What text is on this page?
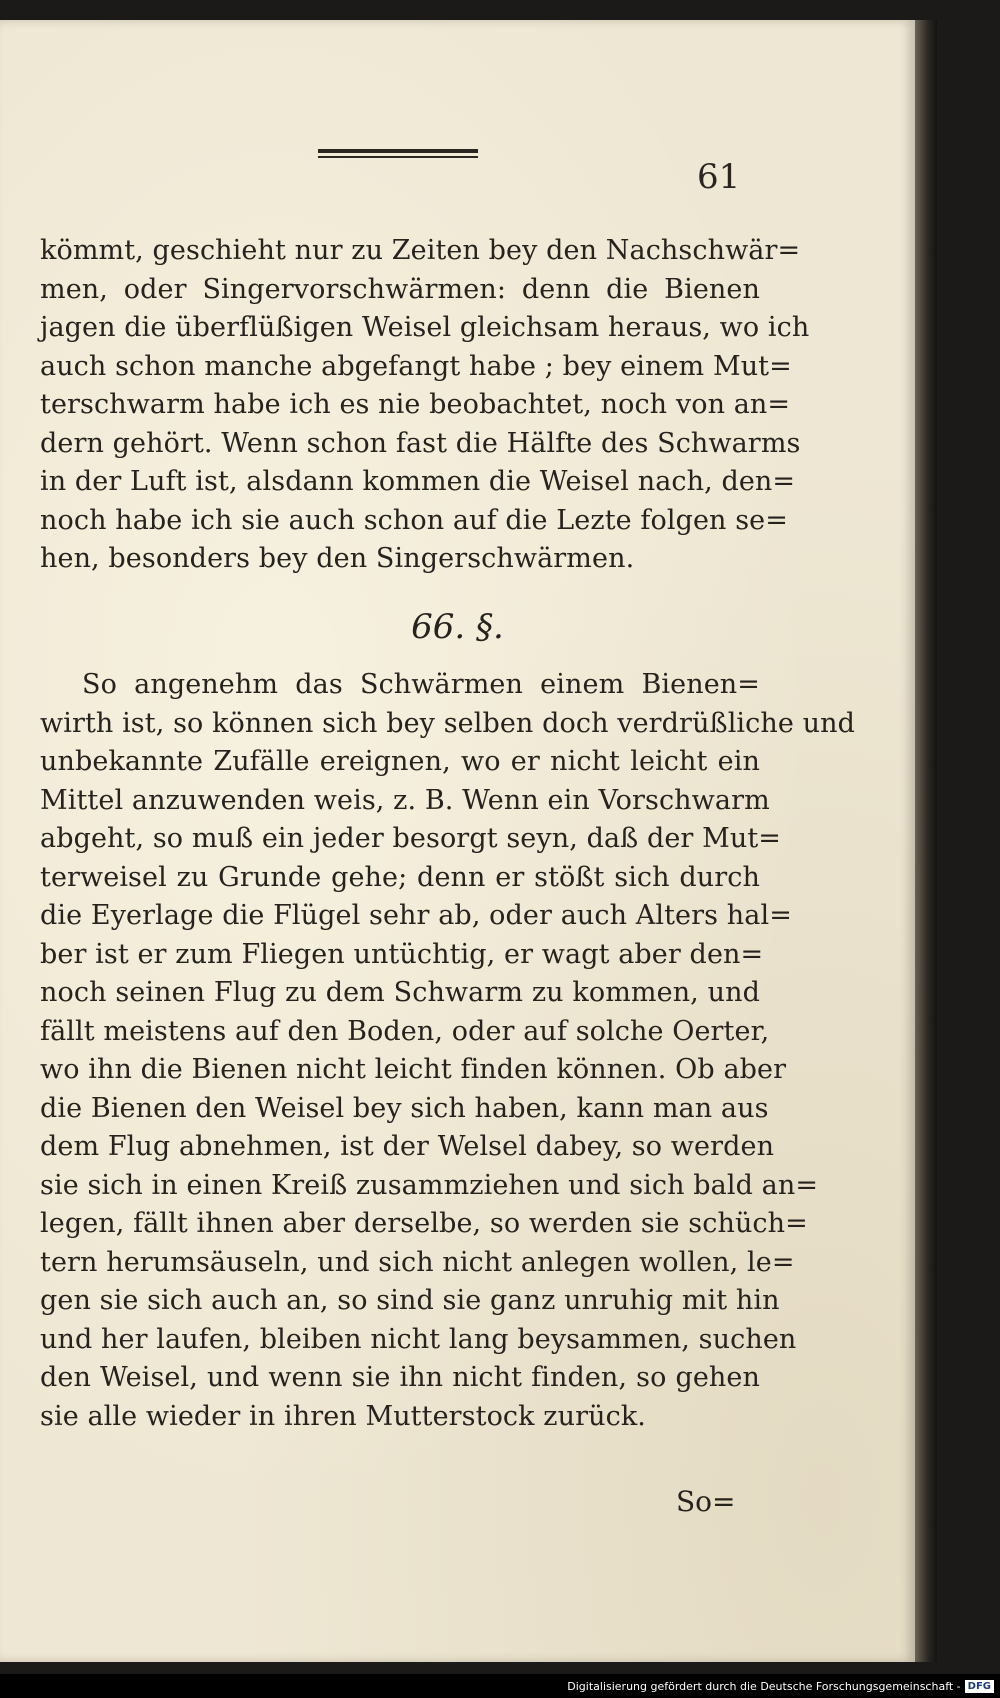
61
kömmt, geschieht nur zu Zeiten bey den Nachschwär=
men, oder Singervorschwärmen: denn die Bienen
jagen die überflüßigen Weisel gleichsam heraus, wo ich
auch schon manche abgefangt habe ; bey einem Mut=
terschwarm habe ich es nie beobachtet, noch von an=
dern gehört. Wenn schon fast die Hälfte des Schwarms
in der Luft ist, alsdann kommen die Weisel nach, den=
noch habe ich sie auch schon auf die Lezte folgen se=
hen, besonders bey den Singerschwärmen.
66. §.
So angenehm das Schwärmen einem Bienen=
wirth ist, so können sich bey selben doch verdrüßliche und
unbekannte Zufälle ereignen, wo er nicht leicht ein
Mittel anzuwenden weis, z. B. Wenn ein Vorschwarm
abgeht, so muß ein jeder besorgt seyn, daß der Mut=
terweisel zu Grunde gehe; denn er stößt sich durch
die Eyerlage die Flügel sehr ab, oder auch Alters hal=
ber ist er zum Fliegen untüchtig, er wagt aber den=
noch seinen Flug zu dem Schwarm zu kommen, und
fällt meistens auf den Boden, oder auf solche Oerter,
wo ihn die Bienen nicht leicht finden können. Ob aber
die Bienen den Weisel bey sich haben, kann man aus
dem Flug abnehmen, ist der Welsel dabey, so werden
sie sich in einen Kreiß zusammziehen und sich bald an=
legen, fällt ihnen aber derselbe, so werden sie schüch=
tern herumsäuseln, und sich nicht anlegen wollen, le=
gen sie sich auch an, so sind sie ganz unruhig mit hin
und her laufen, bleiben nicht lang beysammen, suchen
den Weisel, und wenn sie ihn nicht finden, so gehen
sie alle wieder in ihren Mutterstock zurück.
So=
Digitalisierung gefördert durch die Deutsche Forschungsgemeinschaft - DFG
